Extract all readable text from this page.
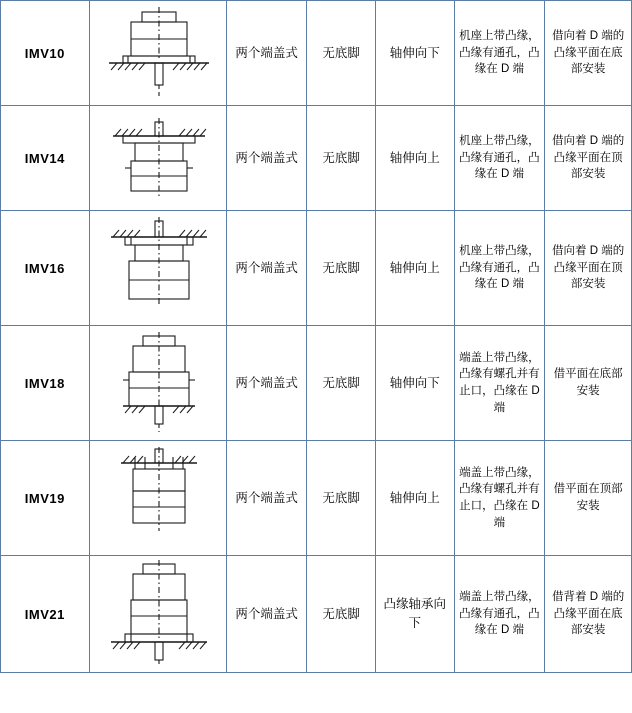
IMV10		两个端盖式	无底脚	轴伸向下	机座上带凸缘，凸缘有通孔，凸缘在 D 端	借向着 D 端的凸缘平面在底部安装
IMV14		两个端盖式	无底脚	轴伸向上	机座上带凸缘，凸缘有通孔，凸缘在 D 端	借向着 D 端的凸缘平面在顶部安装
IMV16		两个端盖式	无底脚	轴伸向上	机座上带凸缘，凸缘有通孔，凸缘在 D 端	借向着 D 端的凸缘平面在顶部安装
IMV18		两个端盖式	无底脚	轴伸向下	端盖上带凸缘，凸缘有螺孔并有止口，凸缘在 D 端	借平面在底部安装
IMV19		两个端盖式	无底脚	轴伸向上	端盖上带凸缘，凸缘有螺孔并有止口，凸缘在 D 端	借平面在顶部安装
IMV21		两个端盖式	无底脚	凸缘轴承向下	端盖上带凸缘，凸缘有通孔，凸缘在 D 端	借背着 D 端的凸缘平面在底部安装
